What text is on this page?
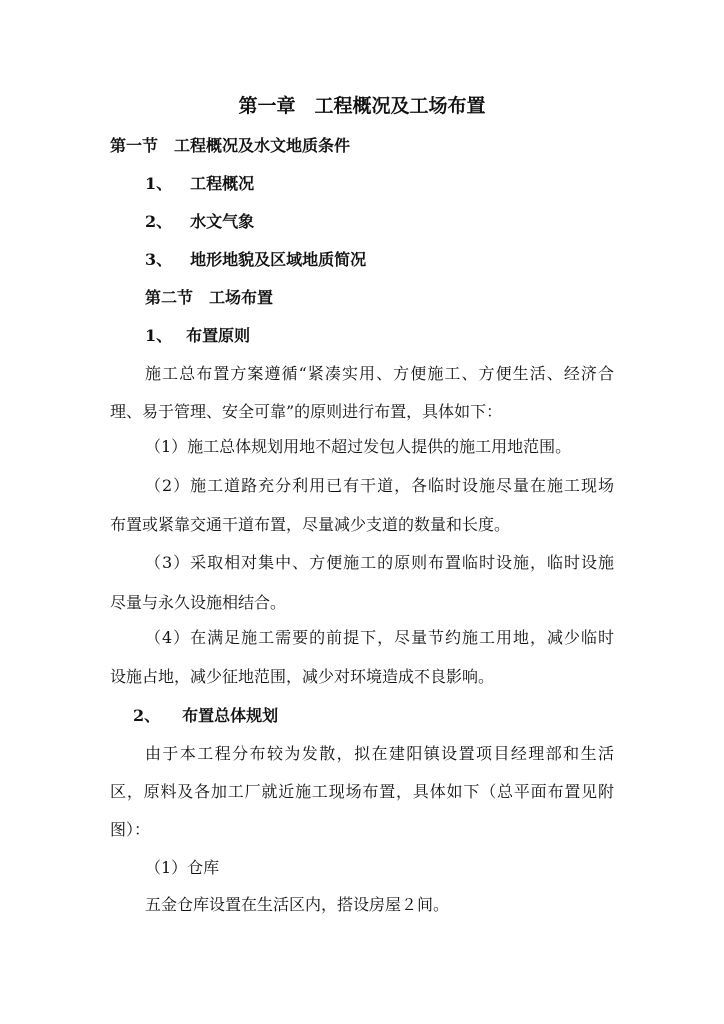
第一章　工程概况及工场布置
第一节　工程概况及水文地质条件
1、 工程概况
2、 水文气象
3、 地形地貌及区域地质简况
第二节　工场布置
1、 布置原则
施工总布置方案遵循“紧凑实用、方便施工、方便生活、经济合
理、易于管理、安全可靠”的原则进行布置，具体如下：
（1）施工总体规划用地不超过发包人提供的施工用地范围。
（2）施工道路充分利用已有干道，各临时设施尽量在施工现场
布置或紧靠交通干道布置，尽量减少支道的数量和长度。
（3）采取相对集中、方便施工的原则布置临时设施，临时设施
尽量与永久设施相结合。
（4）在满足施工需要的前提下，尽量节约施工用地，减少临时
设施占地，减少征地范围，减少对环境造成不良影响。
2、 布置总体规划
由于本工程分布较为发散，拟在建阳镇设置项目经理部和生活
区，原料及各加工厂就近施工现场布置，具体如下（总平面布置见附
图）：
（1）仓库
五金仓库设置在生活区内，搭设房屋２间。
